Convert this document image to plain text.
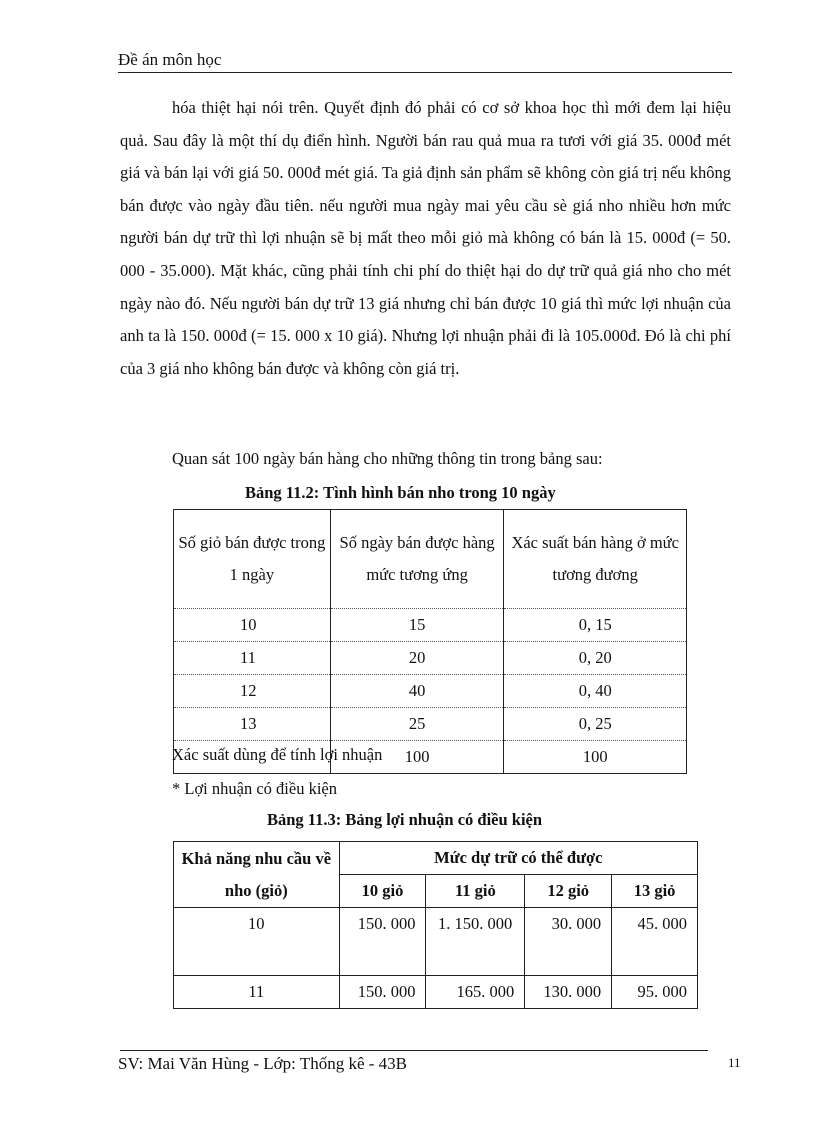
Đề án môn học

hóa thiệt hại nói trên. Quyết định đó phải có cơ sở khoa học thì mới đem lại hiệu quả. Sau đây là một thí dụ điển hình. Người bán rau quả mua ra tươi với giá 35. 000đ mét giá và bán lại với giá 50. 000đ mét giá. Ta giả định sản phẩm sẽ không còn giá trị nếu không bán được vào ngày đầu tiên. nếu người mua ngày mai yêu cầu sè giá nho nhiều hơn mức người bán dự trữ thì lợi nhuận sẽ bị mất theo mỗi giỏ mà không có bán là 15. 000đ (= 50. 000 - 35.000). Mặt khác, cũng phải tính chi phí do thiệt hại do dự trữ quả giá nho cho mét ngày nào đó. Nếu người bán dự trữ 13 giá nhưng chỉ bán được 10 giá thì mức lợi nhuận của anh ta là 150. 000đ (= 15. 000 x 10 giá). Nhưng lợi nhuận phải đi là 105.000đ. Đó là chi phí của 3 giá nho không bán được và không còn giá trị.

Quan sát 100 ngày bán hàng cho những thông tin trong bảng sau:
Bảng 11.2: Tình hình bán nho trong 10 ngày
Số giỏ bán được trong 1 ngày	Số ngày bán được hàng mức tương ứng	Xác suất bán hàng ở mức tương đương
10	15	0, 15
11	20	0, 20
12	40	0, 40
13	25	0, 25
	100	100
Xác suất dùng để tính lợi nhuận
* Lợi nhuận có điều kiện
Bảng 11.3: Bảng lợi nhuận có điều kiện
Khả năng nhu cầu về nho (giỏ)	Mức dự trữ có thể được			
	10 giỏ	11 giỏ	12 giỏ	13 giỏ
10	150. 000	1. 150. 000	30. 000	45. 000
11	150. 000	165. 000	130. 000	95. 000
SV: Mai Văn Hùng - Lớp: Thống kê - 43B	11
